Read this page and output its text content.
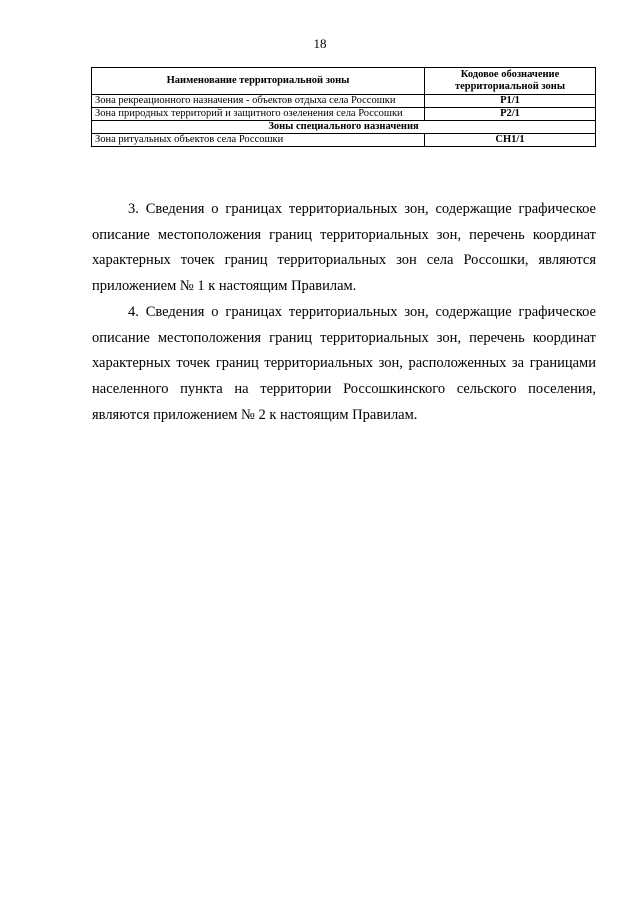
18
Наименование территориальной зоны	Кодовое обозначение территориальной зоны
Зона рекреационного назначения - объектов отдыха села Россошки	Р1/1
Зона природных территорий и защитного озеленения села Россошки	Р2/1
Зоны специального назначения	
Зона ритуальных объектов села Россошки	СН1/1

3. Сведения о границах территориальных зон, содержащие графическое описание местоположения границ территориальных зон, перечень координат характерных точек границ территориальных зон села Россошки, являются приложением № 1 к настоящим Правилам.

4. Сведения о границах территориальных зон, содержащие графическое описание местоположения границ территориальных зон, перечень координат характерных точек границ территориальных зон, расположенных за границами населенного пункта на территории Россошкинского сельского поселения, являются приложением № 2 к настоящим Правилам.
